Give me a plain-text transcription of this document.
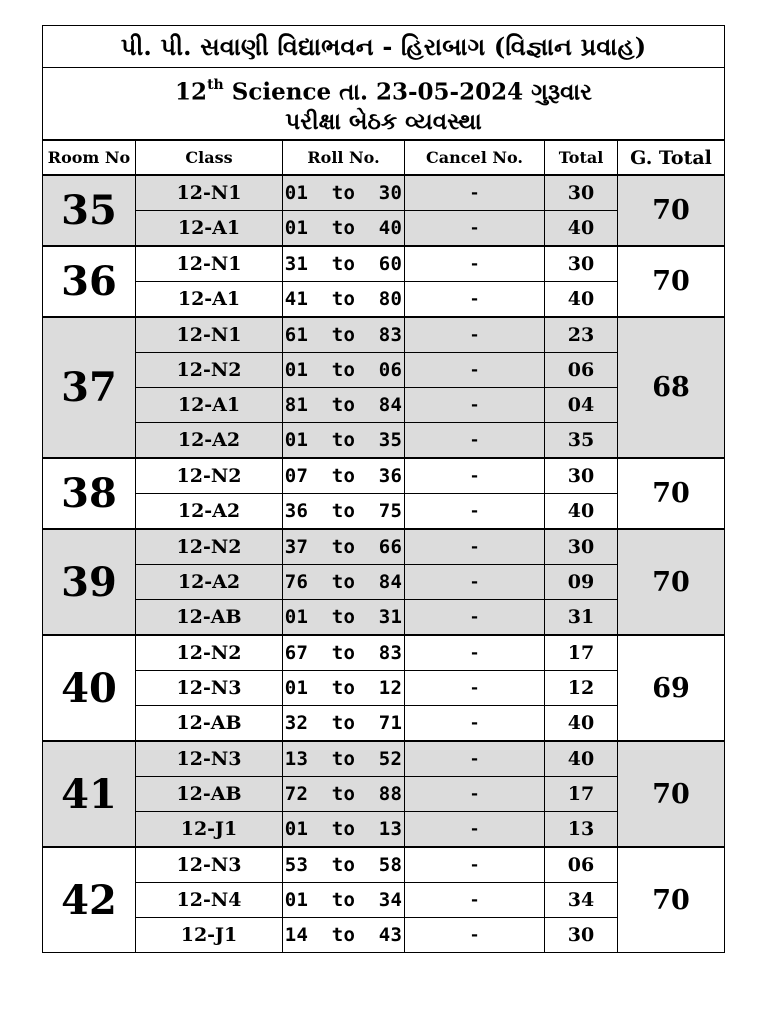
પી. પી. સવાણી વિદ્યાભવન - હિરાબાગ (વિજ્ઞાન પ્રવાહ)					

12th Science તા. 23-05-2024 ગુરૂવાર
પરીક્ષા બેઠક વ્યવસ્થા					

Room No	Class	Roll No.	Cancel No.	Total	G. Total
35	12-N1	01  to  30	-	30	70
	12-A1	01  to  40	-	40	
36	12-N1	31  to  60	-	30	70
	12-A1	41  to  80	-	40	
37	12-N1	61  to  83	-	23	68
	12-N2	01  to  06	-	06	
	12-A1	81  to  84	-	04	
	12-A2	01  to  35	-	35	
38	12-N2	07  to  36	-	30	70
	12-A2	36  to  75	-	40	
39	12-N2	37  to  66	-	30	70
	12-A2	76  to  84	-	09	
	12-AB	01  to  31	-	31	
40	12-N2	67  to  83	-	17	69
	12-N3	01  to  12	-	12	
	12-AB	32  to  71	-	40	
41	12-N3	13  to  52	-	40	70
	12-AB	72  to  88	-	17	
	12-J1	01  to  13	-	13	
42	12-N3	53  to  58	-	06	70
	12-N4	01  to  34	-	34	
	12-J1	14  to  43	-	30	
